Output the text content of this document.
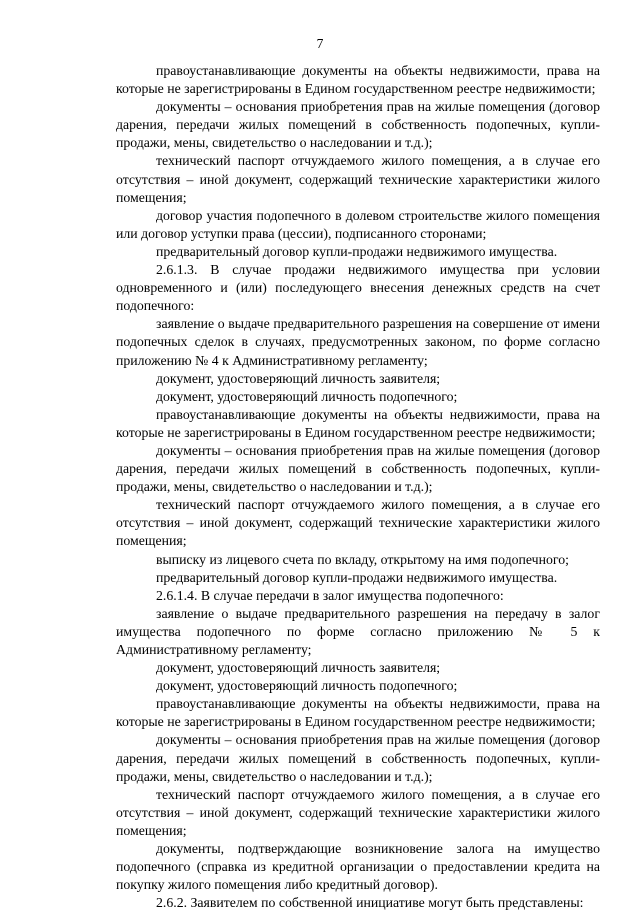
7

правоустанавливающие документы на объекты недвижимости, права на которые не зарегистрированы в Едином государственном реестре недвижимости;

документы – основания приобретения прав на жилые помещения (договор дарения, передачи жилых помещений в собственность подопечных, купли-продажи, мены, свидетельство о наследовании и т.д.);

технический паспорт отчуждаемого жилого помещения, а в случае его отсутствия – иной документ, содержащий технические характеристики жилого помещения;

договор участия подопечного в долевом строительстве жилого помещения или договор уступки права (цессии), подписанного сторонами;

предварительный договор купли-продажи недвижимого имущества.

2.6.1.3. В случае продажи недвижимого имущества при условии одновременного и (или) последующего внесения денежных средств на счет подопечного:

заявление о выдаче предварительного разрешения на совершение от имени подопечных сделок в случаях, предусмотренных законом, по форме согласно приложению № 4 к Административному регламенту;

документ, удостоверяющий личность заявителя;

документ, удостоверяющий личность подопечного;

правоустанавливающие документы на объекты недвижимости, права на которые не зарегистрированы в Едином государственном реестре недвижимости;

документы – основания приобретения прав на жилые помещения (договор дарения, передачи жилых помещений в собственность подопечных, купли-продажи, мены, свидетельство о наследовании и т.д.);

технический паспорт отчуждаемого жилого помещения, а в случае его отсутствия – иной документ, содержащий технические характеристики жилого помещения;

выписку из лицевого счета по вкладу, открытому на имя подопечного;

предварительный договор купли-продажи недвижимого имущества.

2.6.1.4. В случае передачи в залог имущества подопечного:

заявление о выдаче предварительного разрешения на передачу в залог имущества подопечного по форме согласно приложению № 5 к Административному регламенту;

документ, удостоверяющий личность заявителя;

документ, удостоверяющий личность подопечного;

правоустанавливающие документы на объекты недвижимости, права на которые не зарегистрированы в Едином государственном реестре недвижимости;

документы – основания приобретения прав на жилые помещения (договор дарения, передачи жилых помещений в собственность подопечных, купли-продажи, мены, свидетельство о наследовании и т.д.);

технический паспорт отчуждаемого жилого помещения, а в случае его отсутствия – иной документ, содержащий технические характеристики жилого помещения;

документы, подтверждающие возникновение залога на имущество подопечного (справка из кредитной организации о предоставлении кредита на покупку жилого помещения либо кредитный договор).

2.6.2. Заявителем по собственной инициативе могут быть представлены:
